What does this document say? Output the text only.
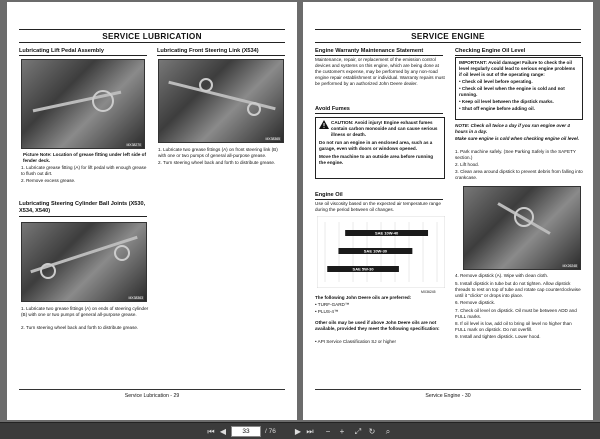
SERVICE LUBRICATION
Lubricating Lift Pedal Assembly
MX38270
Picture Note: Location of grease fitting under left side of fender deck.
1. Lubricate grease fitting (A) for lift pedal with enough grease to flush out dirt.
2. Remove excess grease.
Lubricating Front Steering Link (X534)
MX38365
1. Lubricate two grease fittings (A) on front steering link (B) with one or two pumps of general all-purpose grease.
2. Turn steering wheel back and forth to distribute grease.
Lubricating Steering Cylinder Ball Joints (X530, X534, X540)
MX38363
1. Lubricate two grease fittings (A) on ends of steering cylinder (B) with one or two pumps of general all-purpose grease.
2. Turn steering wheel back and forth to distribute grease.
Service Lubrication - 29
SERVICE ENGINE
Engine Warranty Maintenance Statement
Maintenance, repair, or replacement of the emission control devices and systems on this engine, which are being done at the customer's expense, may be performed by any non-road engine repair establishment or individual. Warranty repairs must be performed by an authorized John Deere dealer.
Avoid Fumes
CAUTION: Avoid injury! Engine exhaust fumes contain carbon monoxide and can cause serious illness or death.
Do not run an engine in an enclosed area, such as a garage, even with doors or windows opened.
Move the machine to an outside area before running the engine.
Engine Oil
Use oil viscosity based on the expected air temperature range during the period between oil changes.
SAE 10W-40
SAE 10W-30
SAE 5W-30
MX36245
The following John Deere oils are preferred:
• TURF-GARD™
• PLUS-4™
Other oils may be used if above John Deere oils are not available, provided they meet the following specification:
• API Service Classification SJ or higher
Checking Engine Oil Level
IMPORTANT: Avoid damage! Failure to check the oil level regularly could lead to serious engine problems if oil level is out of the operating range:
• Check oil level before operating.
• Check oil level when the engine is cold and not running.
• Keep oil level between the dipstick marks.
• Shut off engine before adding oil.
NOTE: Check oil twice a day if you run engine over 4 hours in a day.
Make sure engine is cold when checking engine oil level.
1. Park machine safely. (See Parking Safely in the SAFETY section.)
2. Lift hood.
3. Clean area around dipstick to prevent debris from falling into crankcase.
MX26248
4. Remove dipstick (A). Wipe with clean cloth.
5. Install dipstick in tube but do not tighten. Allow dipstick threads to rest on top of tube and rotate cap counterclockwise until it "clicks" or drops into place.
6. Remove dipstick.
7. Check oil level on dipstick. Oil must be between ADD and FULL marks.
8. If oil level is low, add oil to bring oil level no higher than FULL mark on dipstick. Do not overfill.
9. Install and tighten dipstick. Lower hood.
Service Engine - 30
⏮ ◀	33	/ 76	▶ ⏭	−	+	⤢ ↻	⌕
